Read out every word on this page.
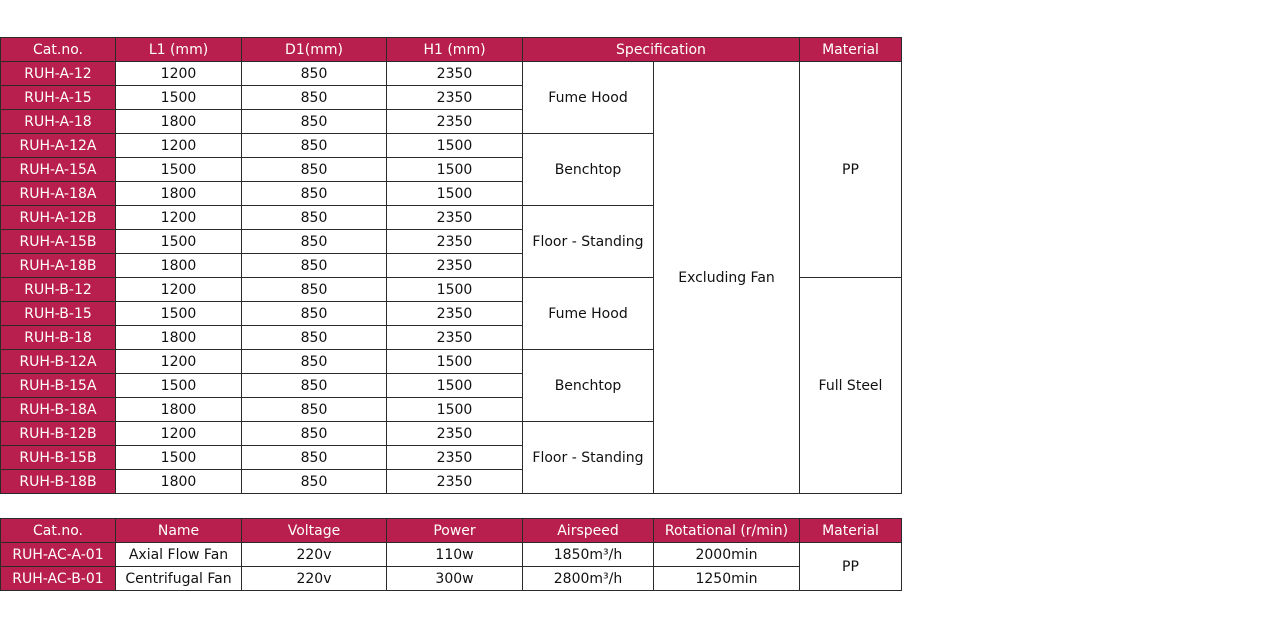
Cat.no.	L1 (mm)	D1(mm)	H1 (mm)	Specification		Material
RUH-A-12	1200	850	2350	Fume Hood	Excluding Fan	PP
RUH-A-15	1500	850	2350			
RUH-A-18	1800	850	2350			
RUH-A-12A	1200	850	1500	Benchtop		
RUH-A-15A	1500	850	1500			
RUH-A-18A	1800	850	1500			
RUH-A-12B	1200	850	2350	Floor - Standing		
RUH-A-15B	1500	850	2350			
RUH-A-18B	1800	850	2350			
RUH-B-12	1200	850	1500	Fume Hood		Full Steel
RUH-B-15	1500	850	2350			
RUH-B-18	1800	850	2350			
RUH-B-12A	1200	850	1500	Benchtop		
RUH-B-15A	1500	850	1500			
RUH-B-18A	1800	850	1500			
RUH-B-12B	1200	850	2350	Floor - Standing		
RUH-B-15B	1500	850	2350			
RUH-B-18B	1800	850	2350			
Cat.no.	Name	Voltage	Power	Airspeed	Rotational (r/min)	Material
RUH-AC-A-01	Axial Flow Fan	220v	110w	1850m³/h	2000min	PP
RUH-AC-B-01	Centrifugal Fan	220v	300w	2800m³/h	1250min	
